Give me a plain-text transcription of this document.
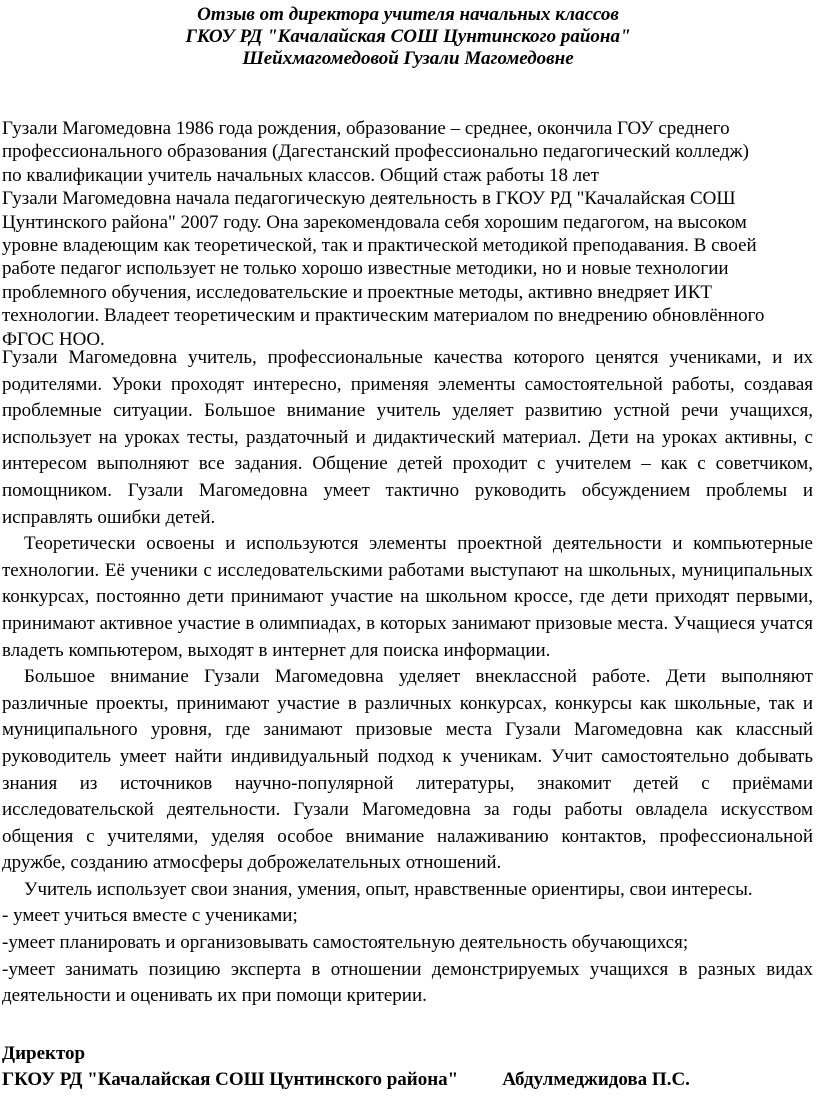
Отзыв от директора учителя начальных классов
ГКОУ РД "Качалайская СОШ Цунтинского района"
Шейхмагомедовой Гузали Магомедовне
Гузали Магомедовна 1986 года рождения, образование – среднее, окончила ГОУ среднего
профессионального образования (Дагестанский профессионально педагогический колледж)
по квалификации учитель начальных классов. Общий стаж работы 18 лет
Гузали Магомедовна начала педагогическую деятельность в ГКОУ РД "Качалайская СОШ
Цунтинского района" 2007 году. Она зарекомендовала себя хорошим педагогом, на высоком
уровне владеющим как теоретической, так и практической методикой преподавания. В своей
работе педагог использует не только хорошо известные методики, но и новые технологии
проблемного обучения, исследовательские и проектные методы, активно внедряет ИКТ
технологии. Владеет теоретическим и практическим материалом по внедрению обновлённого
ФГОС НОО.

Гузали Магомедовна учитель, профессиональные качества которого ценятся учениками, и их родителями. Уроки проходят интересно, применяя элементы самостоятельной работы, создавая проблемные ситуации. Большое внимание учитель уделяет развитию устной речи учащихся, использует на уроках тесты, раздаточный и дидактический материал. Дети на уроках активны, с интересом выполняют все задания. Общение детей проходит с учителем – как с советчиком, помощником. Гузали Магомедовна умеет тактично руководить обсуждением проблемы и исправлять ошибки детей.

Теоретически освоены и используются элементы проектной деятельности и компьютерные технологии. Её ученики с исследовательскими работами выступают на школьных, муниципальных конкурсах, постоянно дети принимают участие на школьном кроссе, где дети приходят первыми, принимают активное участие в олимпиадах, в которых занимают призовые места. Учащиеся учатся владеть компьютером, выходят в интернет для поиска информации.

Большое внимание Гузали Магомедовна уделяет внеклассной работе. Дети выполняют различные проекты, принимают участие в различных конкурсах, конкурсы как школьные, так и муниципального уровня, где занимают призовые места Гузали Магомедовна как классный руководитель умеет найти индивидуальный подход к ученикам. Учит самостоятельно добывать знания из источников научно-популярной литературы, знакомит детей с приёмами исследовательской деятельности. Гузали Магомедовна за годы работы овладела искусством общения с учителями, уделяя особое внимание налаживанию контактов, профессиональной дружбе, созданию атмосферы доброжелательных отношений.

Учитель использует свои знания, умения, опыт, нравственные ориентиры, свои интересы.

- умеет учиться вместе с учениками;
-умеет планировать и организовывать самостоятельную деятельность обучающихся;
-умеет занимать позицию эксперта в отношении демонстрируемых учащихся в разных видах деятельности и оценивать их при помощи критерии.
Директор
ГКОУ РД "Качалайская СОШ Цунтинского района" Абдулмеджидова П.С.
